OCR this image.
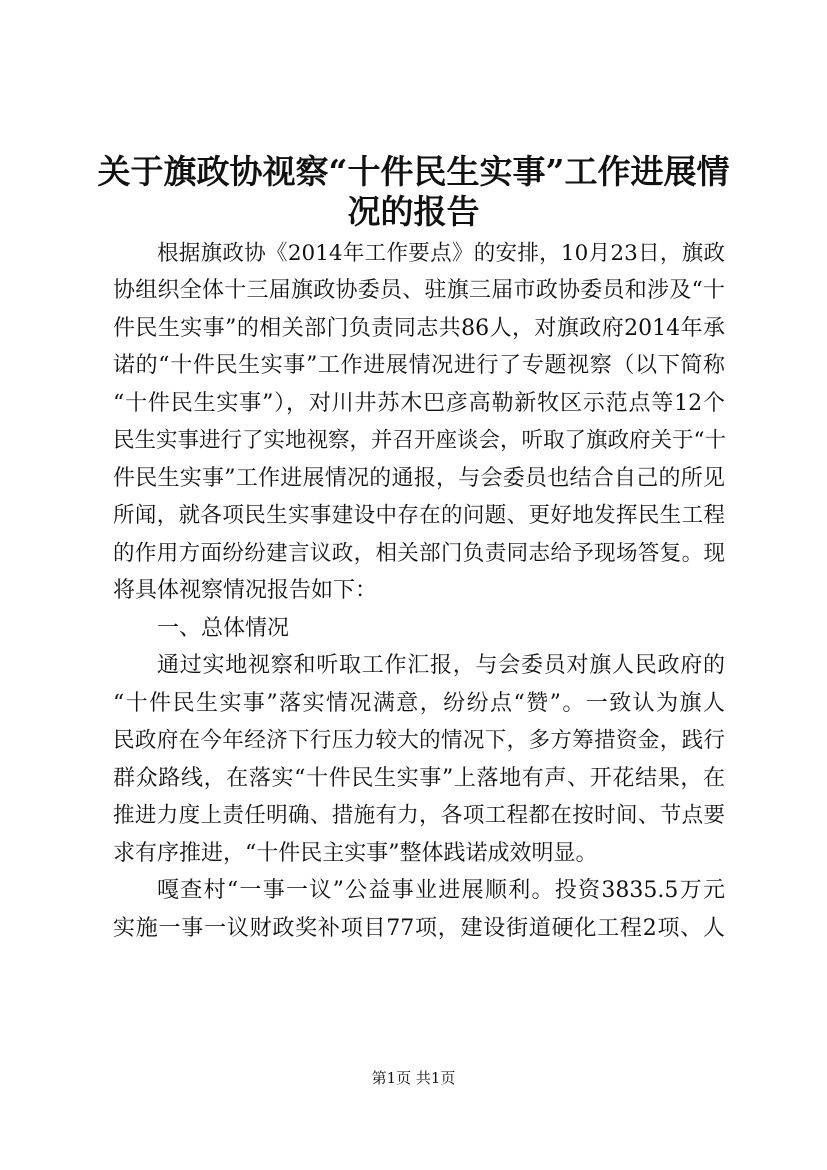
关于旗政协视察“十件民生实事”工作进展情
况的报告
根据旗政协《2014年工作要点》的安排，10月23日，旗政
协组织全体十三届旗政协委员、驻旗三届市政协委员和涉及“十
件民生实事”的相关部门负责同志共86人，对旗政府2014年承
诺的“十件民生实事”工作进展情况进行了专题视察（以下简称
“十件民生实事”），对川井苏木巴彦高勒新牧区示范点等12个
民生实事进行了实地视察，并召开座谈会，听取了旗政府关于“十
件民生实事”工作进展情况的通报，与会委员也结合自己的所见
所闻，就各项民生实事建设中存在的问题、更好地发挥民生工程
的作用方面纷纷建言议政，相关部门负责同志给予现场答复。现
将具体视察情况报告如下：
一、总体情况
通过实地视察和听取工作汇报，与会委员对旗人民政府的
“十件民生实事”落实情况满意，纷纷点“赞”。一致认为旗人
民政府在今年经济下行压力较大的情况下，多方筹措资金，践行
群众路线，在落实“十件民生实事”上落地有声、开花结果，在
推进力度上责任明确、措施有力，各项工程都在按时间、节点要
求有序推进，“十件民主实事”整体践诺成效明显。
嘎查村“一事一议”公益事业进展顺利。投资3835.5万元
实施一事一议财政奖补项目77项，建设街道硬化工程2项、人
第1页 共1页
